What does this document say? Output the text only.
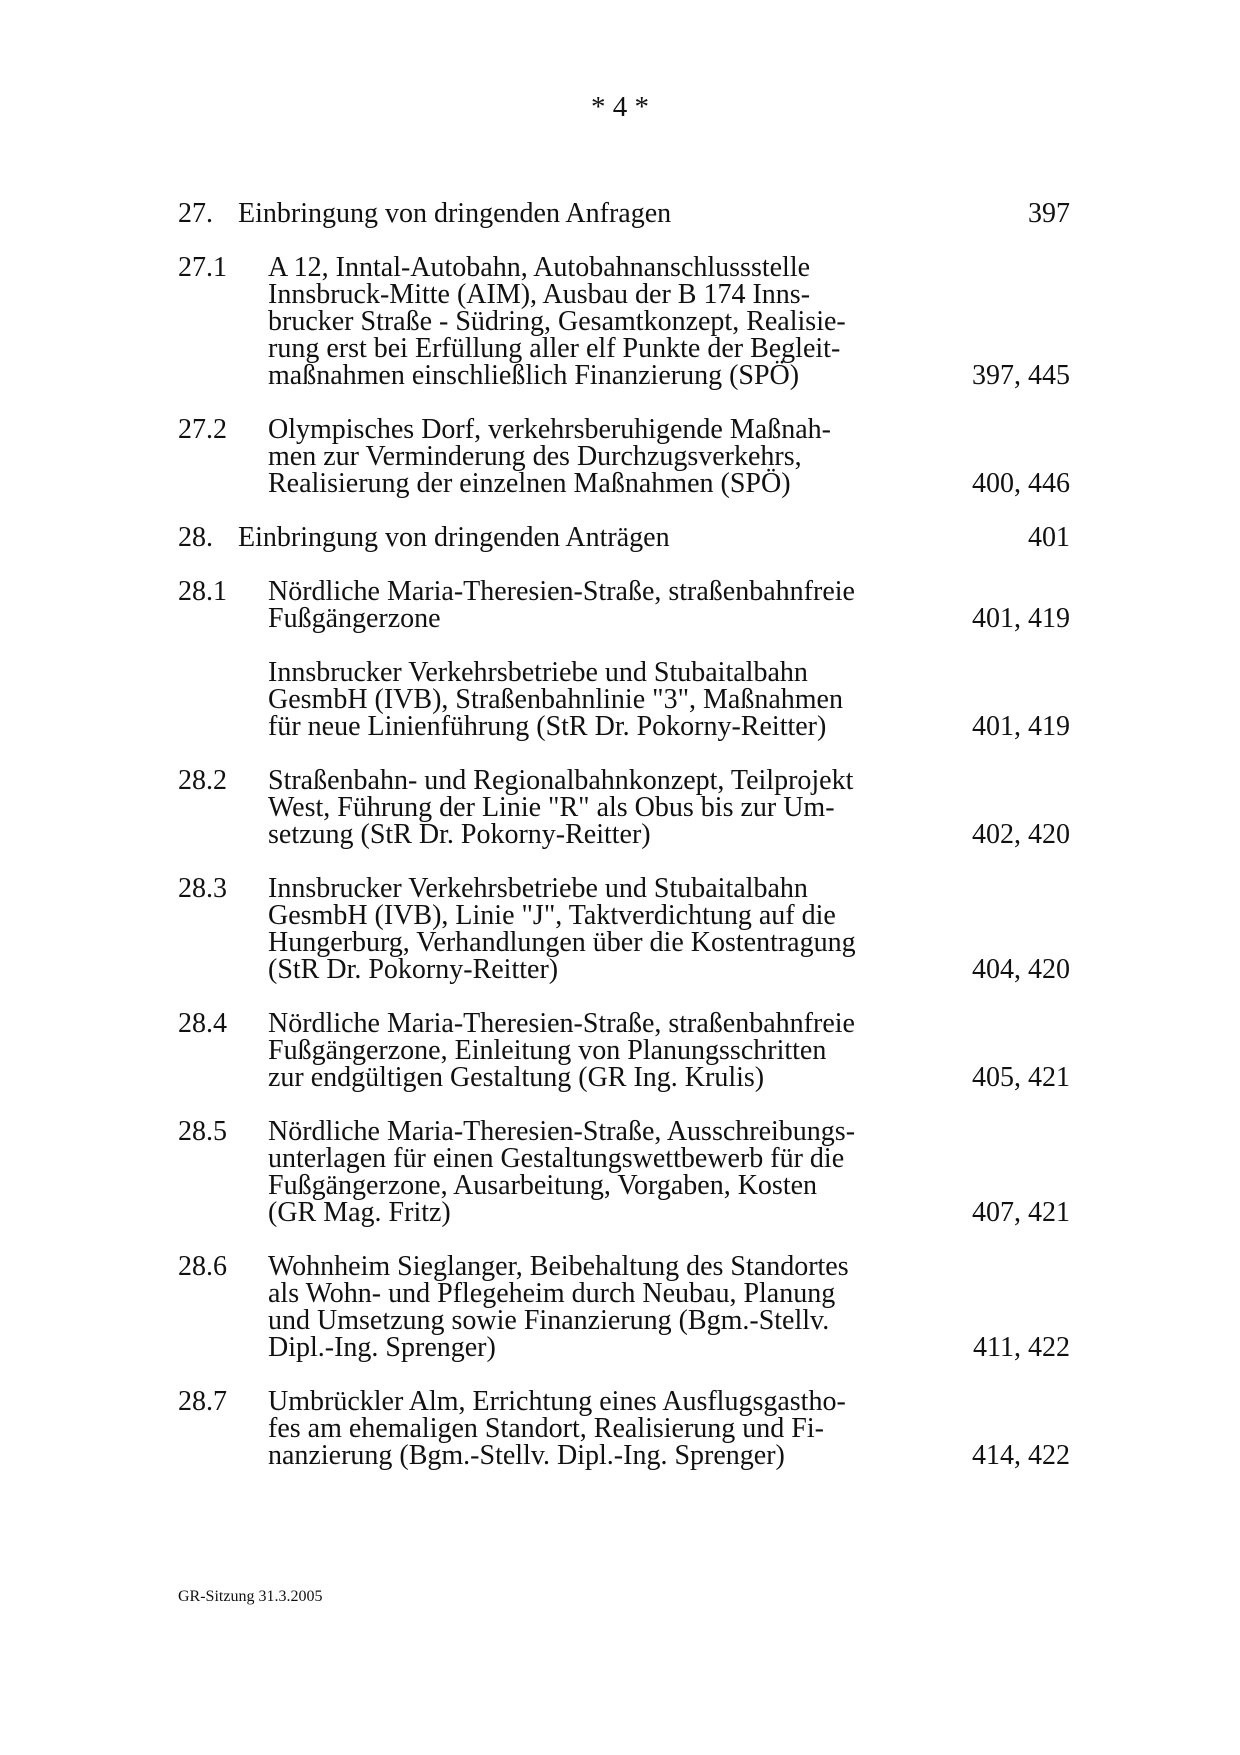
* 4 *
27. Einbringung von dringenden Anfragen	397
27.1	A 12, Inntal-Autobahn, Autobahnanschlussstelle
Innsbruck-Mitte (AIM), Ausbau der B 174 Inns-
brucker Straße - Südring, Gesamtkonzept, Realisie-
rung erst bei Erfüllung aller elf Punkte der Begleit-
maßnahmen einschließlich Finanzierung (SPÖ)	397, 445
27.2	Olympisches Dorf, verkehrsberuhigende Maßnah-
men zur Verminderung des Durchzugsverkehrs,
Realisierung der einzelnen Maßnahmen (SPÖ)	400, 446
28. Einbringung von dringenden Anträgen	401
28.1	Nördliche Maria-Theresien-Straße, straßenbahnfreie
Fußgängerzone	401, 419
Innsbrucker Verkehrsbetriebe und Stubaitalbahn
GesmbH (IVB), Straßenbahnlinie "3", Maßnahmen
für neue Linienführung (StR Dr. Pokorny-Reitter)	401, 419
28.2	Straßenbahn- und Regionalbahnkonzept, Teilprojekt
West, Führung der Linie "R" als Obus bis zur Um-
setzung (StR Dr. Pokorny-Reitter)	402, 420
28.3	Innsbrucker Verkehrsbetriebe und Stubaitalbahn
GesmbH (IVB), Linie "J", Taktverdichtung auf die
Hungerburg, Verhandlungen über die Kostentragung
(StR Dr. Pokorny-Reitter)	404, 420
28.4	Nördliche Maria-Theresien-Straße, straßenbahnfreie
Fußgängerzone, Einleitung von Planungsschritten
zur endgültigen Gestaltung (GR Ing. Krulis)	405, 421
28.5	Nördliche Maria-Theresien-Straße, Ausschreibungs-
unterlagen für einen Gestaltungswettbewerb für die
Fußgängerzone, Ausarbeitung, Vorgaben, Kosten
(GR Mag. Fritz)	407, 421
28.6	Wohnheim Sieglanger, Beibehaltung des Standortes
als Wohn- und Pflegeheim durch Neubau, Planung
und Umsetzung sowie Finanzierung (Bgm.-Stellv.
Dipl.-Ing. Sprenger)	411, 422
28.7	Umbrückler Alm, Errichtung eines Ausflugsgastho-
fes am ehemaligen Standort, Realisierung und Fi-
nanzierung (Bgm.-Stellv. Dipl.-Ing. Sprenger)	414, 422
GR-Sitzung 31.3.2005
